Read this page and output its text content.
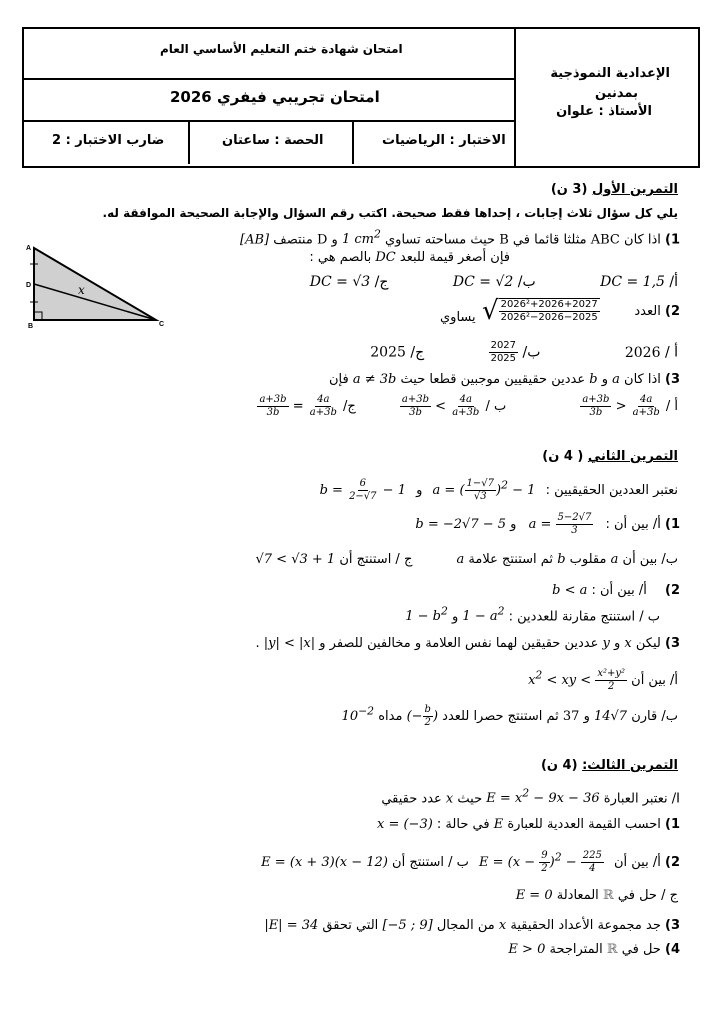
الإعدادية النموذجية
بمدنين
الأستاذ : علوان
امتحان شهادة ختم التعليم الأساسي العام
امتحان تجريبي فيفري 2026
الاختبار : الرياضيات
الحصة : ساعتان
ضارب الاختبار : 2
التمرين الأول (3 ن)
يلي كل سؤال ثلاث إجابات ، إحداها فقط صحيحة. اكتب رقم السؤال والإجابة الصحيحة الموافقة له.
A
B	C
D	x
1) اذا كان ABC مثلثا قائما في B حيث مساحته تساوي 1 $cm^2$ و D منتصف [AB]
فإن أصغر قيمة للبعد DC بالصم هي :
أ/ DC = 1,5 ب/ DC = √2 ج/ DC = √3
2) العدد
√ $\frac{\text{2026²+2026+2027}}{\text{2026²−2026−2025}}$
يساوي
أ / 2026 ب/
$\frac{2027}{2025}$
ج/ 2025
3) اذا كان a و b عددين حقيقيين موجبين قطعا حيث a ≠ 3b فإن
أ /
$\frac{a+3b}{3b} > \frac{4a}{a+3b}$
ب /
$\frac{a+3b}{3b} < \frac{4a}{a+3b}$
ج/
$\frac{a+3b}{3b} = \frac{4a}{a+3b}$
التمرين الثاني ( 4 ن)
نعتبر العددين الحقيقيين : a = ( $\frac{1-√7}{√3} )^2 - 1$ و $b = \frac{6}{2-√7} - 1$
1) أ/ بين أن : $a = \frac{5-2√7}{3}$
و b = −2√7 − 5
ب/ بين أن a مقلوب b ثم استنتج علامة a ج / استنتج أن √7 < √3 + 1
2) أ/ بين أن : b < a
ب / استنتج مقارنة للعددين : $1 - a^2$ و $1 - b^2$
3) ليكن x و y عددين حقيقين لهما نفس العلامة و مخالفين للصفر و |y| < |x| .
أ/ بين أن $x^2$ < xy < $\frac{\text{x²+y²}}{2}$
ب/ قارن 14√7 و 37 ثم استنتج حصرا للعدد (− $\frac{b}{2}$ ) مداه $10^{-2}$
التمرين الثالث: (4 ن)
I/ نعتبر العبارة $E = x^2 - 9x - 36$ حيث x عدد حقيقي
1) احسب القيمة العددية للعبارة E في حالة : x = (−3)
2) أ/ بين أن $E = (x - \frac{9}{2} )^2 - \frac{225}{4}$
ب / استنتج أن E = (x + 3)(x − 12)
ج / حل في ℝ المعادلة E = 0
3) جد مجموعة الأعداد الحقيقية x من المجال [−5 ; 9] التي تحقق |E| = 34
4) حل في ℝ المتراجحة E > 0
